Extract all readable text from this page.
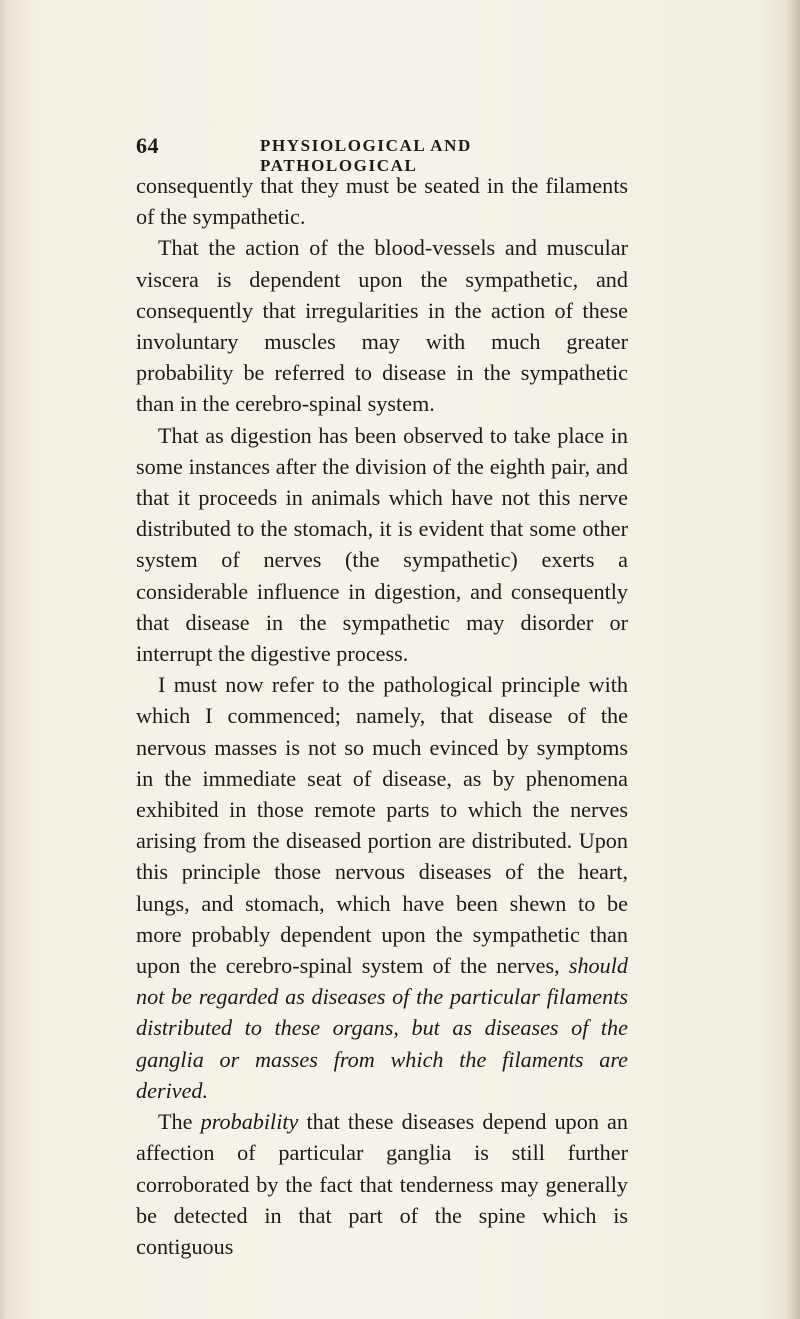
64	PHYSIOLOGICAL AND PATHOLOGICAL

consequently that they must be seated in the filaments of the sympathetic.

That the action of the blood-vessels and muscular viscera is dependent upon the sympathetic, and consequently that irregularities in the action of these involuntary muscles may with much greater probability be referred to disease in the sympathetic than in the cerebro-spinal system.

That as digestion has been observed to take place in some instances after the division of the eighth pair, and that it proceeds in animals which have not this nerve distributed to the stomach, it is evident that some other system of nerves (the sympathetic) exerts a considerable influence in digestion, and consequently that disease in the sympathetic may disorder or interrupt the digestive process.

I must now refer to the pathological principle with which I commenced; namely, that disease of the nervous masses is not so much evinced by symptoms in the immediate seat of disease, as by phenomena exhibited in those remote parts to which the nerves arising from the diseased portion are distributed. Upon this principle those nervous diseases of the heart, lungs, and stomach, which have been shewn to be more probably dependent upon the sympathetic than upon the cerebro-spinal system of the nerves, should not be regarded as diseases of the particular filaments distributed to these organs, but as diseases of the ganglia or masses from which the filaments are derived.

The probability that these diseases depend upon an affection of particular ganglia is still further corroborated by the fact that tenderness may generally be detected in that part of the spine which is contiguous
